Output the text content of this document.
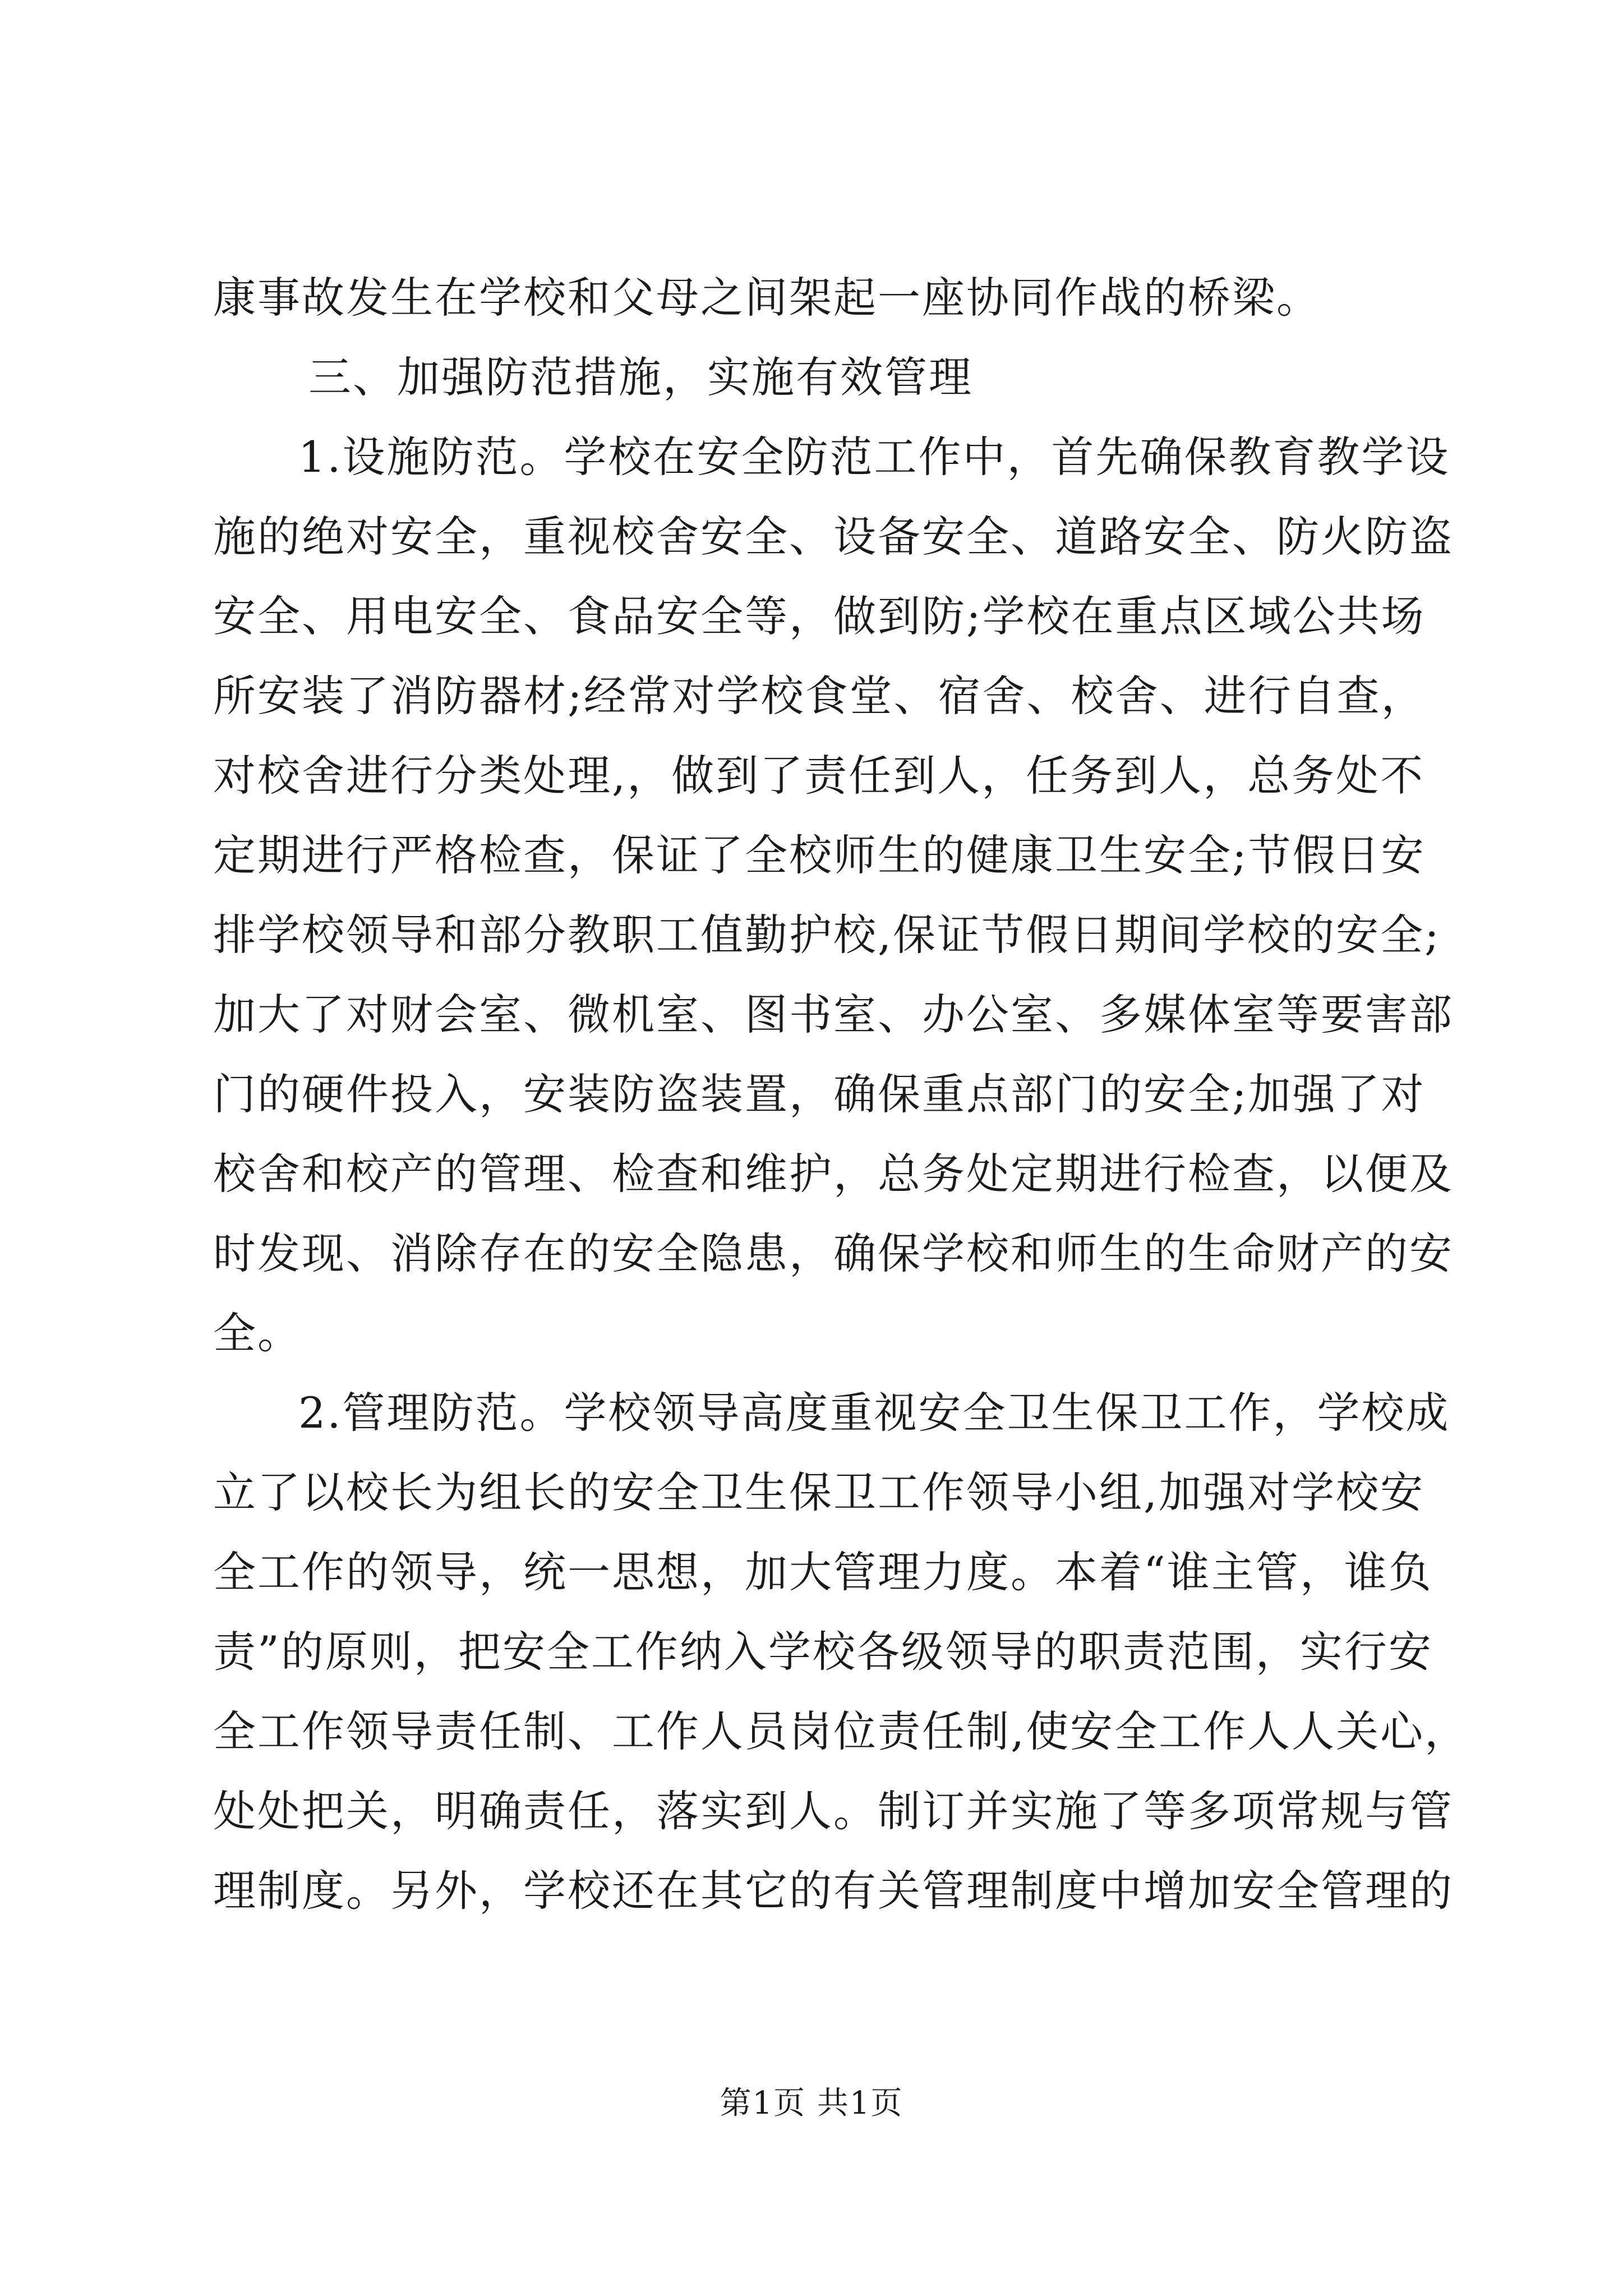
康事故发生在学校和父母之间架起一座协同作战的桥梁。
三、加强防范措施，实施有效管理
1.设施防范。学校在安全防范工作中，首先确保教育教学设
施的绝对安全，重视校舍安全、设备安全、道路安全、防火防盗
安全、用电安全、食品安全等，做到防;学校在重点区域公共场
所安装了消防器材;经常对学校食堂、宿舍、校舍、进行自查，
对校舍进行分类处理,，做到了责任到人，任务到人，总务处不
定期进行严格检查，保证了全校师生的健康卫生安全;节假日安
排学校领导和部分教职工值勤护校,保证节假日期间学校的安全;
加大了对财会室、微机室、图书室、办公室、多媒体室等要害部
门的硬件投入，安装防盗装置，确保重点部门的安全;加强了对
校舍和校产的管理、检查和维护，总务处定期进行检查，以便及
时发现、消除存在的安全隐患，确保学校和师生的生命财产的安
全。
2.管理防范。学校领导高度重视安全卫生保卫工作，学校成
立了以校长为组长的安全卫生保卫工作领导小组,加强对学校安
全工作的领导，统一思想，加大管理力度。本着“谁主管，谁负
责”的原则，把安全工作纳入学校各级领导的职责范围，实行安
全工作领导责任制、工作人员岗位责任制,使安全工作人人关心，
处处把关，明确责任，落实到人。制订并实施了等多项常规与管
理制度。另外，学校还在其它的有关管理制度中增加安全管理的
第1页 共1页
